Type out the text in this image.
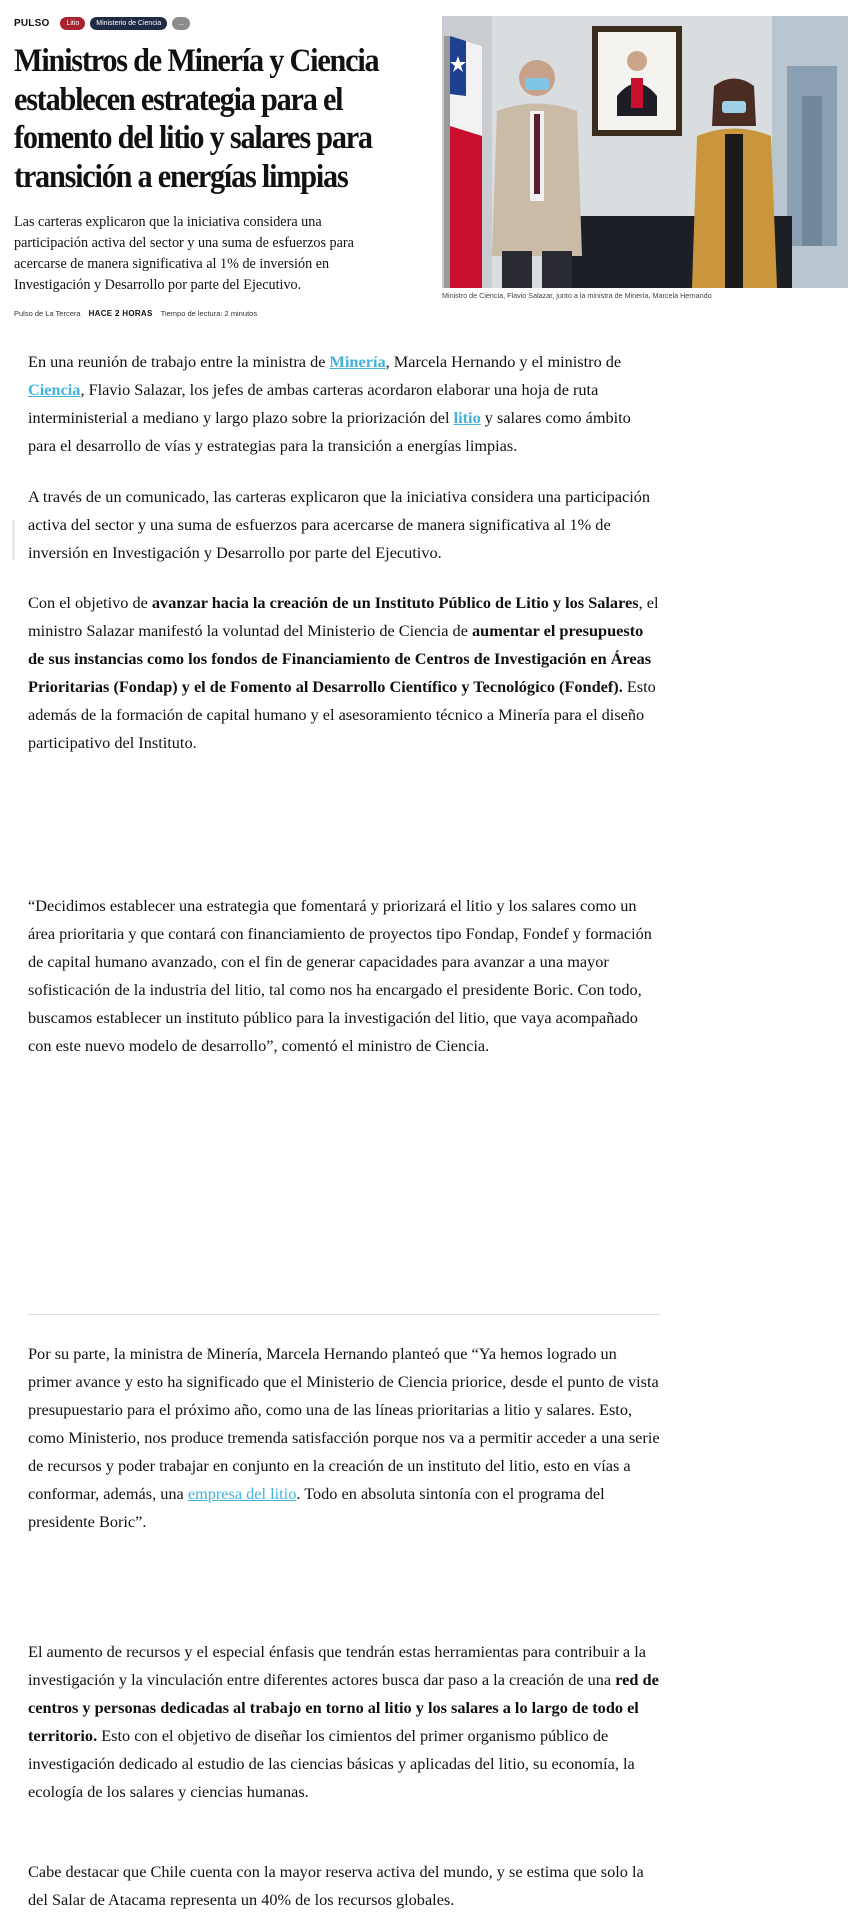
PULSO	Litio	Ministerio de Ciencia	...
Ministros de Minería y Ciencia establecen estrategia para el fomento del litio y salares para transición a energías limpias

Las carteras explicaron que la iniciativa considera una participación activa del sector y una suma de esfuerzos para acercarse de manera significativa al 1% de inversión en Investigación y Desarrollo por parte del Ejecutivo.

Pulso de La Tercera HACE 2 HORAS Tiempo de lectura: 2 minutos
Ministro de Ciencia, Flavio Salazar, junto a la ministra de Minería, Marcela Hernando

En una reunión de trabajo entre la ministra de Minería, Marcela Hernando y el ministro de Ciencia, Flavio Salazar, los jefes de ambas carteras acordaron elaborar una hoja de ruta interministerial a mediano y largo plazo sobre la priorización del litio y salares como ámbito para el desarrollo de vías y estrategias para la transición a energías limpias.

A través de un comunicado, las carteras explicaron que la iniciativa considera una participación activa del sector y una suma de esfuerzos para acercarse de manera significativa al 1% de inversión en Investigación y Desarrollo por parte del Ejecutivo.

Con el objetivo de avanzar hacia la creación de un Instituto Público de Litio y los Salares, el ministro Salazar manifestó la voluntad del Ministerio de Ciencia de aumentar el presupuesto de sus instancias como los fondos de Financiamiento de Centros de Investigación en Áreas Prioritarias (Fondap) y el de Fomento al Desarrollo Científico y Tecnológico (Fondef). Esto además de la formación de capital humano y el asesoramiento técnico a Minería para el diseño participativo del Instituto.

“Decidimos establecer una estrategia que fomentará y priorizará el litio y los salares como un área prioritaria y que contará con financiamiento de proyectos tipo Fondap, Fondef y formación de capital humano avanzado, con el fin de generar capacidades para avanzar a una mayor sofisticación de la industria del litio, tal como nos ha encargado el presidente Boric. Con todo, buscamos establecer un instituto público para la investigación del litio, que vaya acompañado con este nuevo modelo de desarrollo”, comentó el ministro de Ciencia.

Por su parte, la ministra de Minería, Marcela Hernando planteó que “Ya hemos logrado un primer avance y esto ha significado que el Ministerio de Ciencia priorice, desde el punto de vista presupuestario para el próximo año, como una de las líneas prioritarias a litio y salares. Esto, como Ministerio, nos produce tremenda satisfacción porque nos va a permitir acceder a una serie de recursos y poder trabajar en conjunto en la creación de un instituto del litio, esto en vías a conformar, además, una empresa del litio. Todo en absoluta sintonía con el programa del presidente Boric”.

El aumento de recursos y el especial énfasis que tendrán estas herramientas para contribuir a la investigación y la vinculación entre diferentes actores busca dar paso a la creación de una red de centros y personas dedicadas al trabajo en torno al litio y los salares a lo largo de todo el territorio. Esto con el objetivo de diseñar los cimientos del primer organismo público de investigación dedicado al estudio de las ciencias básicas y aplicadas del litio, su economía, la ecología de los salares y ciencias humanas.

Cabe destacar que Chile cuenta con la mayor reserva activa del mundo, y se estima que solo la del Salar de Atacama representa un 40% de los recursos globales.
